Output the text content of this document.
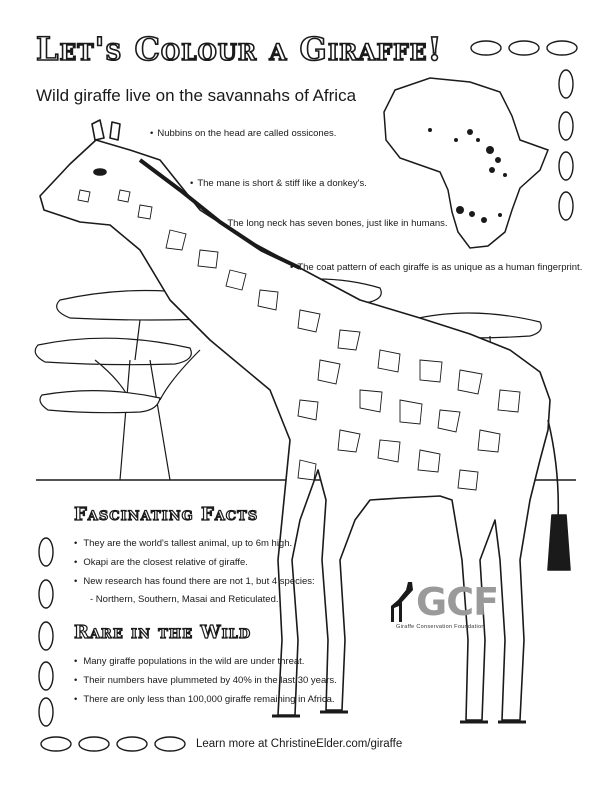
Let's Colour a Giraffe!
Wild giraffe live on the savannahs of Africa
• Nubbins on the head are called ossicones.
• The mane is short & stiff like a donkey's.
• The long neck has seven bones, just like in humans.
• The coat pattern of each giraffe is as unique as a human fingerprint.
Fascinating Facts
• They are the world's tallest animal, up to 6m high.
• Okapi are the closest relative of giraffe.
• New research has found there are not 1, but 4 species:
- Northern, Southern, Masai and Reticulated.
Rare in the Wild
• Many giraffe populations in the wild are under threat.
• Their numbers have plummeted by 40% in the last 30 years.
• There are only less than 100,000 giraffe remaining in Africa.
GCF
Giraffe Conservation Foundation
Learn more at ChristineElder.com/giraffe
